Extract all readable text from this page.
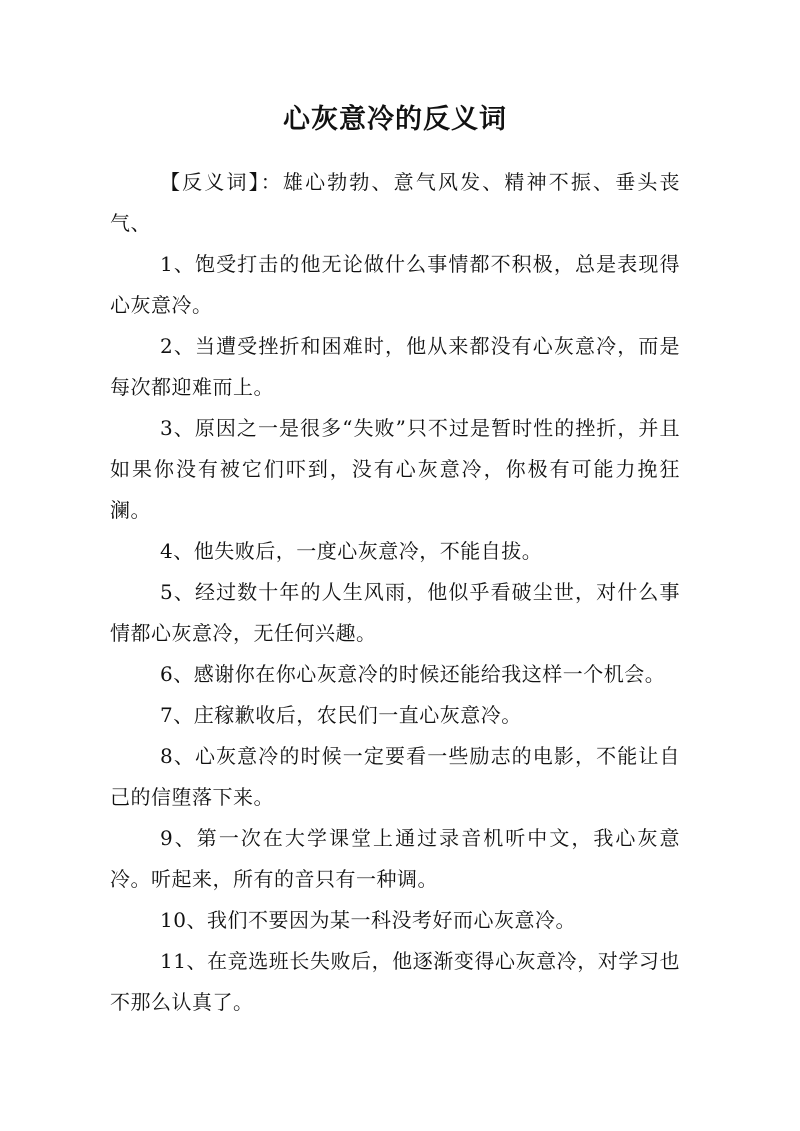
心灰意冷的反义词

【反义词】：雄心勃勃、意气风发、精神不振、垂头丧气、

1、饱受打击的他无论做什么事情都不积极，总是表现得心灰意冷。

2、当遭受挫折和困难时，他从来都没有心灰意冷，而是每次都迎难而上。

3、原因之一是很多“失败”只不过是暂时性的挫折，并且如果你没有被它们吓到，没有心灰意冷，你极有可能力挽狂澜。

4、他失败后，一度心灰意冷，不能自拔。

5、经过数十年的人生风雨，他似乎看破尘世，对什么事情都心灰意冷，无任何兴趣。

6、感谢你在你心灰意冷的时候还能给我这样一个机会。

7、庄稼歉收后，农民们一直心灰意冷。

8、心灰意冷的时候一定要看一些励志的电影，不能让自己的信堕落下来。

9、第一次在大学课堂上通过录音机听中文，我心灰意冷。听起来，所有的音只有一种调。

10、我们不要因为某一科没考好而心灰意冷。

11、在竞选班长失败后，他逐渐变得心灰意冷，对学习也不那么认真了。
